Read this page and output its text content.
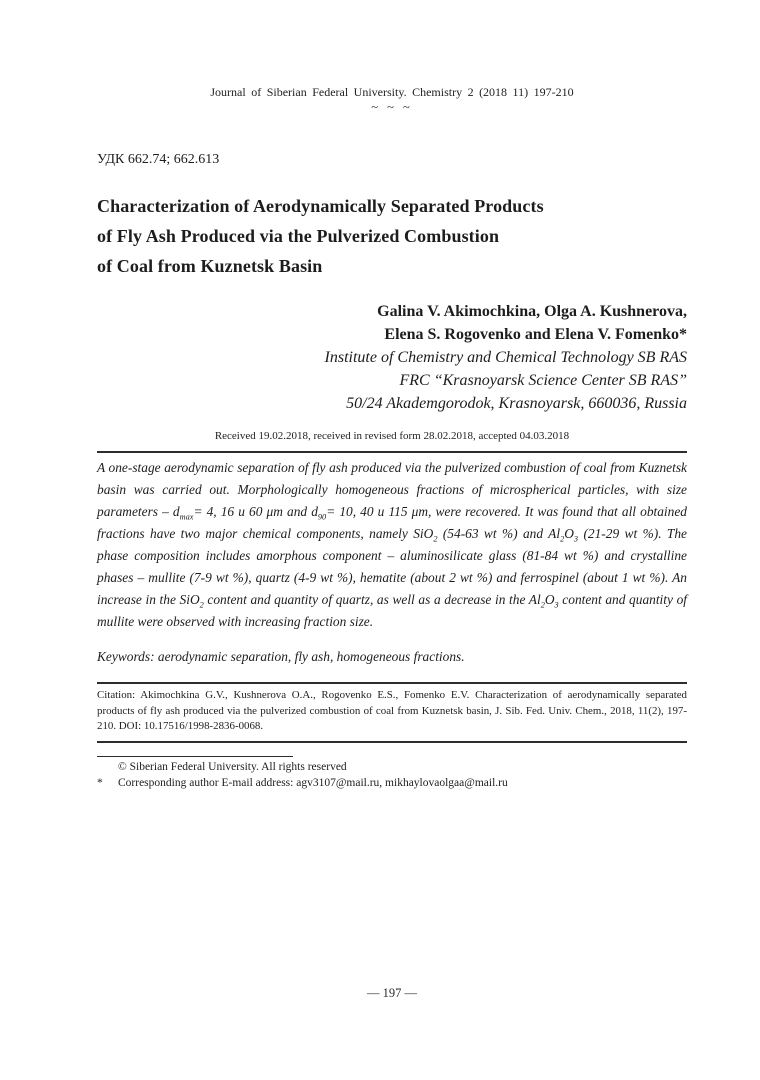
Journal of Siberian Federal University. Chemistry 2 (2018 11) 197-210
~ ~ ~
УДК 662.74; 662.613
Characterization of Aerodynamically Separated Products
of Fly Ash Produced via the Pulverized Combustion
of Coal from Kuznetsk Basin
Galina V. Akimochkina, Olga A. Kushnerova,
Elena S. Rogovenko and Elena V. Fomenko*
Institute of Chemistry and Chemical Technology SB RAS
FRC “Krasnoyarsk Science Center SB RAS”
50/24 Akademgorodok, Krasnoyarsk, 660036, Russia
Received 19.02.2018, received in revised form 28.02.2018, accepted 04.03.2018
A one-stage aerodynamic separation of fly ash produced via the pulverized combustion of coal from Kuznetsk basin was carried out. Morphologically homogeneous fractions of microspherical particles, with size parameters – $d_{max}= 4$, 16 и 60 μm and $d_{90}= 10$, 40 и 115 μm, were recovered. It was found that all obtained fractions have two major chemical components, namely SiO$_2$ (54-63 wt %) and $Al_2O_3$ (21-29 wt %). The phase composition includes amorphous component – aluminosilicate glass (81-84 wt %) and crystalline phases – mullite (7-9 wt %), quartz (4-9 wt %), hematite (about 2 wt %) and ferrospinel (about 1 wt %). An increase in the SiO$_2$ content and quantity of quartz, as well as a decrease in the $Al_2O_3$ content and quantity of mullite were observed with increasing fraction size.
Keywords: aerodynamic separation, fly ash, homogeneous fractions.
Citation: Akimochkina G.V., Kushnerova O.A., Rogovenko E.S., Fomenko E.V. Characterization of aerodynamically separated products of fly ash produced via the pulverized combustion of coal from Kuznetsk basin, J. Sib. Fed. Univ. Chem., 2018, 11(2), 197-210. DOI: 10.17516/1998-2836-0068.
© Siberian Federal University. All rights reserved
*	Corresponding author E-mail address: agv3107@mail.ru, mikhaylovaolgaa@mail.ru
— 197 —
